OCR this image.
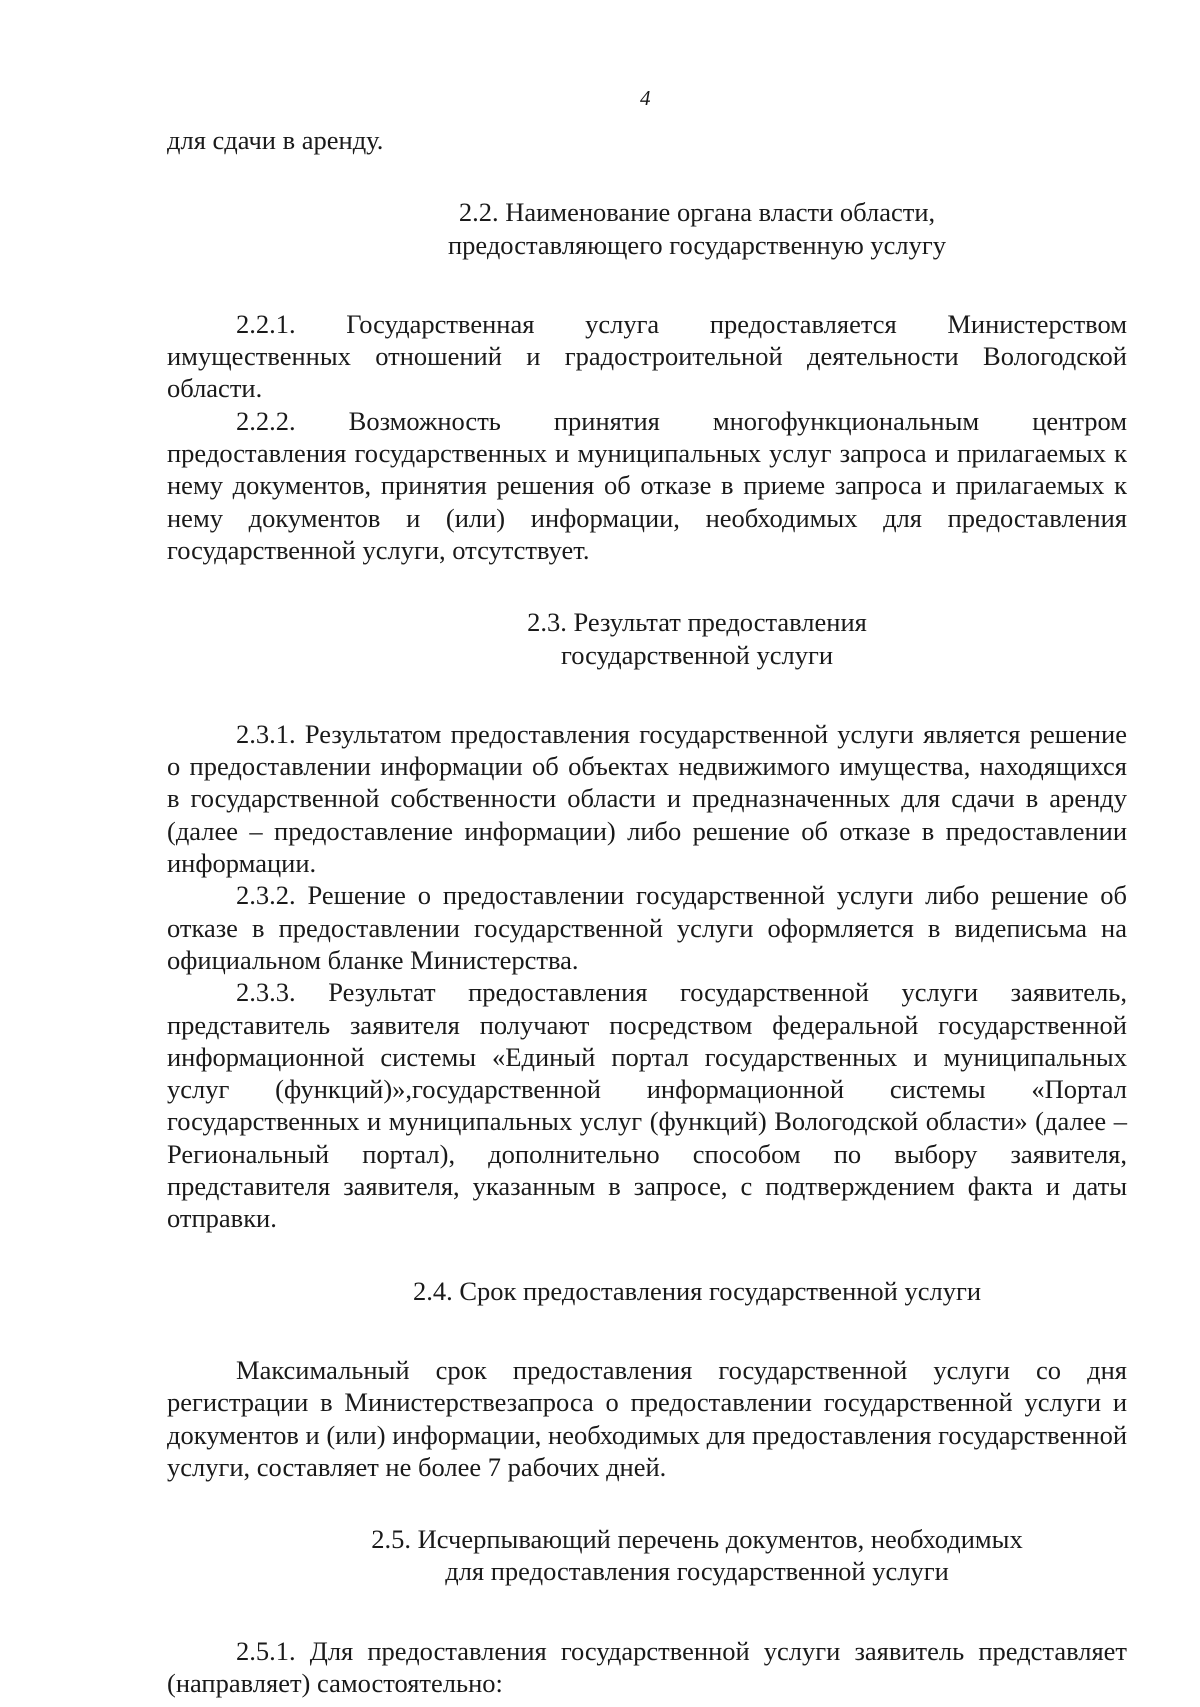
4

для сдачи в аренду.

2.2. Наименование органа власти области,

предоставляющего государственную услугу

2.2.1. Государственная услуга предоставляется Министерством имущественных отношений и градостроительной деятельности Вологодской области.

2.2.2. Возможность принятия многофункциональным центром предоставления государственных и муниципальных услуг запроса и прилагаемых к нему документов, принятия решения об отказе в приеме запроса и прилагаемых к нему документов и (или) информации, необходимых для предоставления государственной услуги, отсутствует.

2.3. Результат предоставления

государственной услуги

2.3.1. Результатом предоставления государственной услуги является решение о предоставлении информации об объектах недвижимого имущества, находящихся в государственной собственности области и предназначенных для сдачи в аренду (далее – предоставление информации) либо решение об отказе в предоставлении информации.

2.3.2. Решение о предоставлении государственной услуги либо решение об отказе в предоставлении государственной услуги оформляется в видеписьма на официальном бланке Министерства.

2.3.3. Результат предоставления государственной услуги заявитель, представитель заявителя получают посредством федеральной государственной информационной системы «Единый портал государственных и муниципальных услуг (функций)»,государственной информационной системы «Портал государственных и муниципальных услуг (функций) Вологодской области» (далее – Региональный портал), дополнительно способом по выбору заявителя, представителя заявителя, указанным в запросе, с подтверждением факта и даты отправки.

2.4. Срок предоставления государственной услуги

Максимальный срок предоставления государственной услуги со дня регистрации в Министерствезапроса о предоставлении государственной услуги и документов и (или) информации, необходимых для предоставления государственной услуги, составляет не более 7 рабочих дней.

2.5. Исчерпывающий перечень документов, необходимых

для предоставления государственной услуги

2.5.1. Для предоставления государственной услуги заявитель представляет (направляет) самостоятельно:
